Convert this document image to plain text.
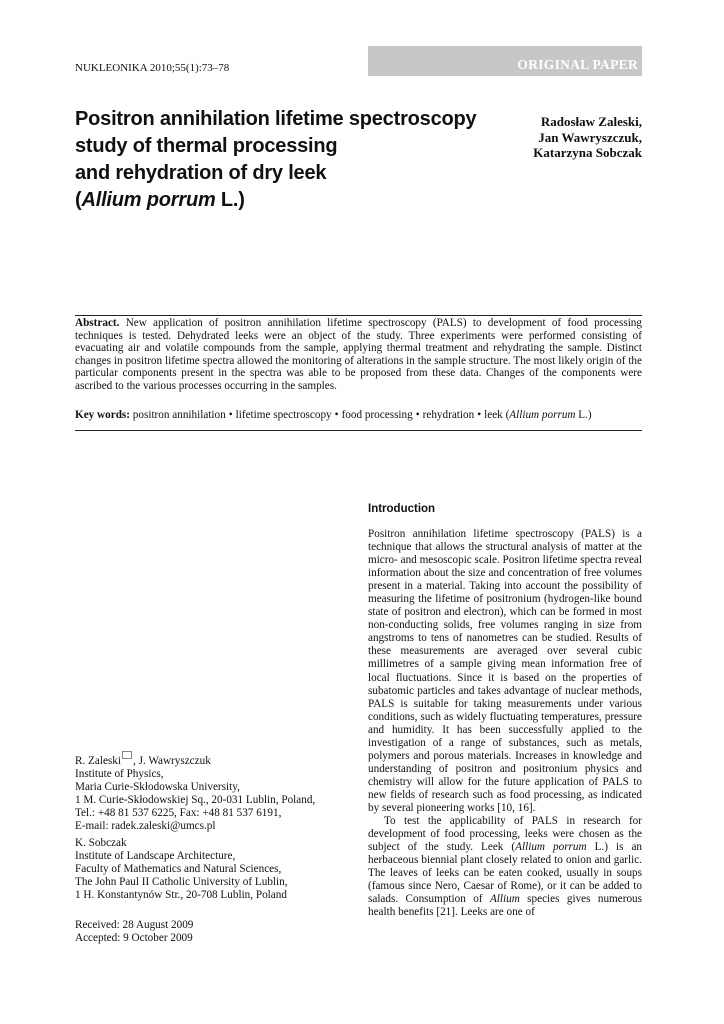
NUKLEONIKA 2010;55(1):73–78	ORIGINAL PAPER
Positron annihilation lifetime spectroscopy
study of thermal processing
and rehydration of dry leek
(Allium porrum L.)
Radosław Zaleski,
Jan Wawryszczuk,
Katarzyna Sobczak
Abstract. New application of positron annihilation lifetime spectroscopy (PALS) to development of food processing techniques is tested. Dehydrated leeks were an object of the study. Three experiments were performed consisting of evacuating air and volatile compounds from the sample, applying thermal treatment and rehydrating the sample. Distinct changes in positron lifetime spectra allowed the monitoring of alterations in the sample structure. The most likely origin of the particular components present in the spectra was able to be proposed from these data. Changes of the components were ascribed to the various processes occurring in the samples.
Key words: positron annihilation • lifetime spectroscopy • food processing • rehydration • leek (Allium porrum L.)
Introduction

Positron annihilation lifetime spectroscopy (PALS) is a technique that allows the structural analysis of matter at the micro- and mesoscopic scale. Positron lifetime spectra reveal information about the size and concentration of free volumes present in a material. Taking into account the possibility of measuring the lifetime of positronium (hydrogen-like bound state of positron and electron), which can be formed in most non-conducting solids, free volumes ranging in size from angstroms to tens of nanometres can be studied. Results of these measurements are averaged over several cubic millimetres of a sample giving mean information free of local fluctuations. Since it is based on the properties of subatomic particles and takes advantage of nuclear methods, PALS is suitable for taking measurements under various conditions, such as widely fluctuating temperatures, pressure and humidity. It has been successfully applied to the investigation of a range of substances, such as metals, polymers and porous materials. Increases in knowledge and understanding of positron and positronium physics and chemistry will allow for the future application of PALS to new fields of research such as food processing, as indicated by several pioneering works [10, 16].

To test the applicability of PALS in research for development of food processing, leeks were chosen as the subject of the study. Leek (Allium porrum L.) is an herbaceous biennial plant closely related to onion and garlic. The leaves of leeks can be eaten cooked, usually in soups (famous since Nero, Caesar of Rome), or it can be added to salads. Consumption of Allium species gives numerous health benefits [21]. Leeks are one of

R. Zaleski , J. Wawryszczuk
Institute of Physics,
Maria Curie-Skłodowska University,
1 M. Curie-Skłodowskiej Sq., 20-031 Lublin, Poland,
Tel.: +48 81 537 6225, Fax: +48 81 537 6191,
E-mail: radek.zaleski@umcs.pl
K. Sobczak
Institute of Landscape Architecture,
Faculty of Mathematics and Natural Sciences,
The John Paul II Catholic University of Lublin,
1 H. Konstantynów Str., 20-708 Lublin, Poland
Received: 28 August 2009
Accepted: 9 October 2009
